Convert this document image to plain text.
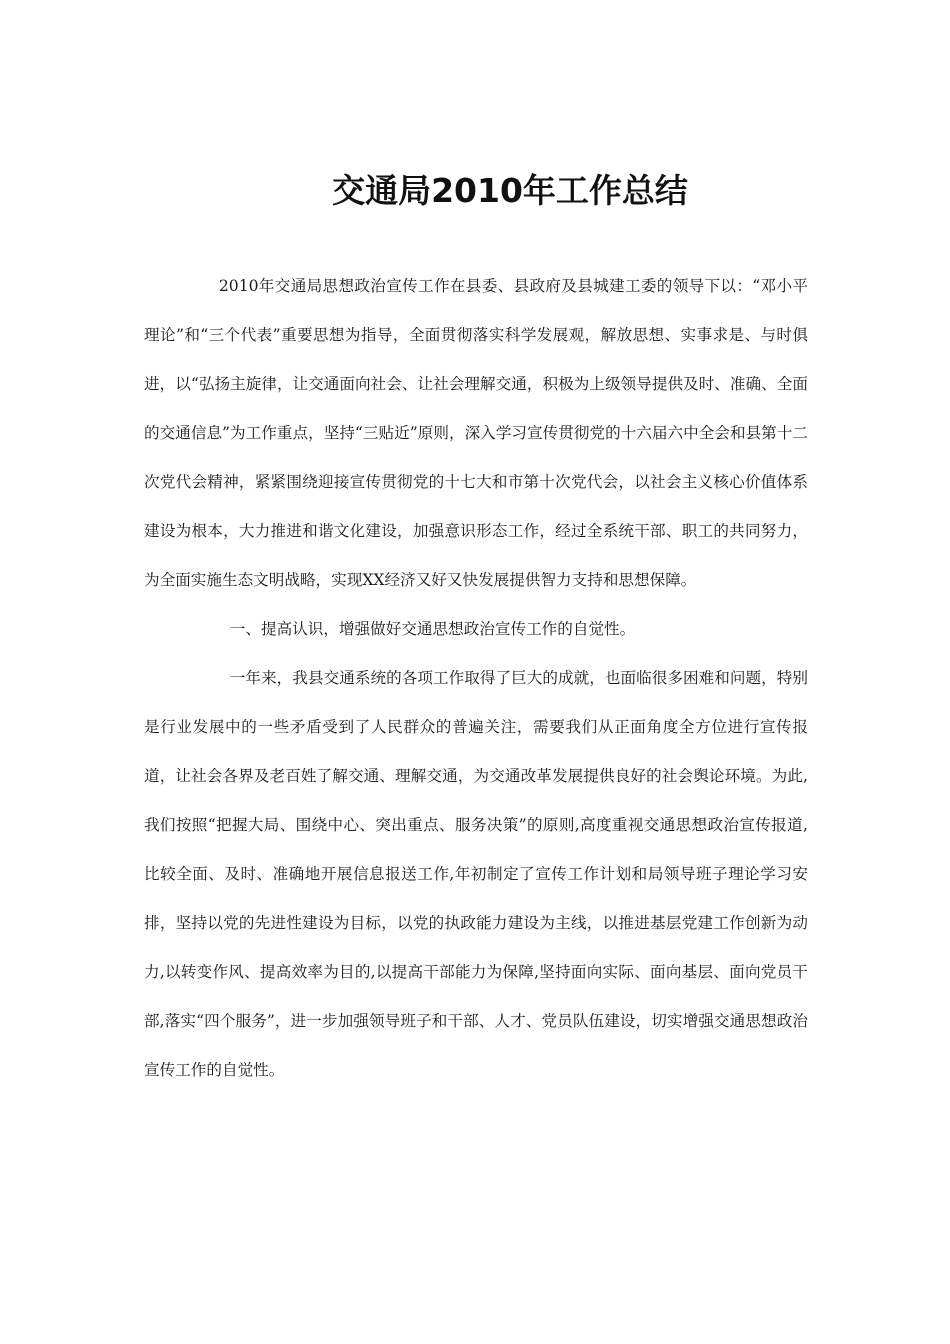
交通局2010年工作总结

2010年交通局思想政治宣传工作在县委、县政府及县城建工委的领导下以：“邓小平理论”和“三个代表”重要思想为指导，全面贯彻落实科学发展观，解放思想、实事求是、与时俱进，以“弘扬主旋律，让交通面向社会、让社会理解交通，积极为上级领导提供及时、准确、全面的交通信息”为工作重点，坚持“三贴近”原则，深入学习宣传贯彻党的十六届六中全会和县第十二次党代会精神，紧紧围绕迎接宣传贯彻党的十七大和市第十次党代会，以社会主义核心价值体系建设为根本，大力推进和谐文化建设，加强意识形态工作，经过全系统干部、职工的共同努力，为全面实施生态文明战略，实现XX经济又好又快发展提供智力支持和思想保障。

一、提高认识，增强做好交通思想政治宣传工作的自觉性。

一年来，我县交通系统的各项工作取得了巨大的成就，也面临很多困难和问题，特别是行业发展中的一些矛盾受到了人民群众的普遍关注，需要我们从正面角度全方位进行宣传报道，让社会各界及老百姓了解交通、理解交通，为交通改革发展提供良好的社会舆论环境。为此,我们按照“把握大局、围绕中心、突出重点、服务决策”的原则,高度重视交通思想政治宣传报道,比较全面、及时、准确地开展信息报送工作,年初制定了宣传工作计划和局领导班子理论学习安排，坚持以党的先进性建设为目标，以党的执政能力建设为主线，以推进基层党建工作创新为动力,以转变作风、提高效率为目的,以提高干部能力为保障,坚持面向实际、面向基层、面向党员干部,落实“四个服务”，进一步加强领导班子和干部、人才、党员队伍建设，切实增强交通思想政治宣传工作的自觉性。
